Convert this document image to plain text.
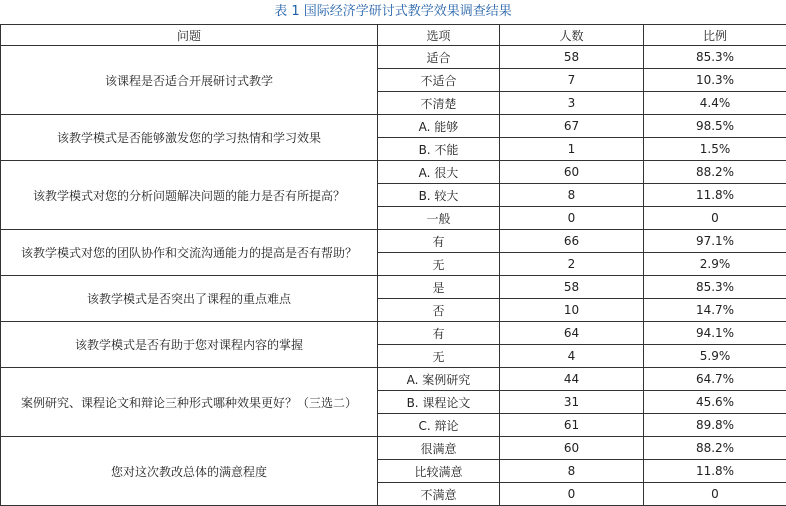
表 1 国际经济学研讨式教学效果调查结果
问题	选项	人数	比例
该课程是否适合开展研讨式教学	适合	58	85.3%
	不适合	7	10.3%
	不清楚	3	4.4%
该教学模式是否能够激发您的学习热情和学习效果	A. 能够	67	98.5%
	B. 不能	1	1.5%
该教学模式对您的分析问题解决问题的能力是否有所提高？	A. 很大	60	88.2%
	B. 较大	8	11.8%
	一般	0	0
该教学模式对您的团队协作和交流沟通能力的提高是否有帮助？	有	66	97.1%
	无	2	2.9%
该教学模式是否突出了课程的重点难点	是	58	85.3%
	否	10	14.7%
该教学模式是否有助于您对课程内容的掌握	有	64	94.1%
	无	4	5.9%
案例研究、课程论文和辩论三种形式哪种效果更好？（三选二）	A. 案例研究	44	64.7%
	B. 课程论文	31	45.6%
	C. 辩论	61	89.8%
您对这次教改总体的满意程度	很满意	60	88.2%
	比较满意	8	11.8%
	不满意	0	0
